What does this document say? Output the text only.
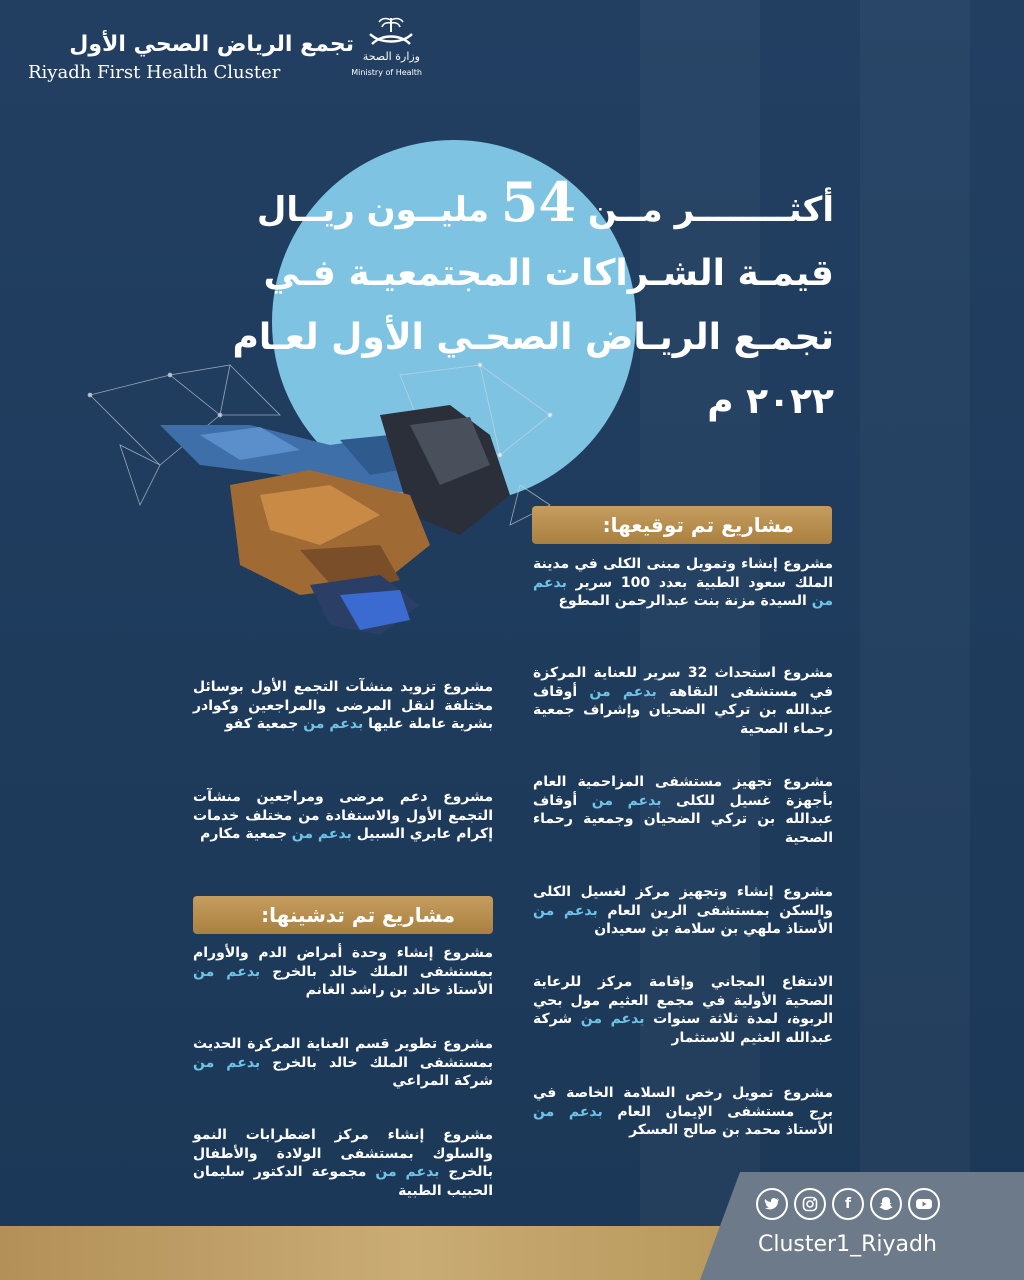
تجمع الرياض الصحي الأول
Riyadh First Health Cluster
وزارة الصحة
Ministry of Health
أكثــــــــر مــن 54 مليــون ريــال
قيمـة الشـراكات المجتمعيـة فـي
تجمـع الريـاض الصحـي الأول لعـام ٢٠٢٢ م
مشاريع تم توقيعها:
مشروع إنشاء وتمويل مبنى الكلى في مدينة الملك سعود الطبية بعدد 100 سرير بدعم من السيدة مزنة بنت عبدالرحمن المطوع
مشروع استحداث 32 سرير للعناية المركزة في مستشفى النقاهة بدعم من أوقاف عبدالله بن تركي الضحيان وإشراف جمعية رحماء الصحية
مشروع تجهيز مستشفى المزاحمية العام بأجهزة غسيل للكلى بدعم من أوقاف عبدالله بن تركي الضحيان وجمعية رحماء الصحية
مشروع إنشاء وتجهيز مركز لغسيل الكلى والسكن بمستشفى الرين العام بدعم من الأستاذ ملهي بن سلامة بن سعيدان
الانتفاع المجاني وإقامة مركز للرعاية الصحية الأولية في مجمع العثيم مول بحي الربوة، لمدة ثلاثة سنوات بدعم من شركة عبدالله العثيم للاستثمار
مشروع تمويل رخص السلامة الخاصة في برج مستشفى الإيمان العام بدعم من الأستاذ محمد بن صالح العسكر
مشروع تزويد منشآت التجمع الأول بوسائل مختلفة لنقل المرضى والمراجعين وكوادر بشرية عاملة عليها بدعم من جمعية كفو
مشروع دعم مرضى ومراجعين منشآت التجمع الأول والاستفادة من مختلف خدمات إكرام عابري السبيل بدعم من جمعية مكارم
مشاريع تم تدشينها:
مشروع إنشاء وحدة أمراض الدم والأورام بمستشفى الملك خالد بالخرج بدعم من الأستاذ خالد بن راشد الغانم
مشروع تطوير قسم العناية المركزة الحديث بمستشفى الملك خالد بالخرج بدعم من شركة المراعي
مشروع إنشاء مركز اضطرابات النمو والسلوك بمستشفى الولادة والأطفال بالخرج بدعم من مجموعة الدكتور سليمان الحبيب الطبية
f
Cluster1_Riyadh
